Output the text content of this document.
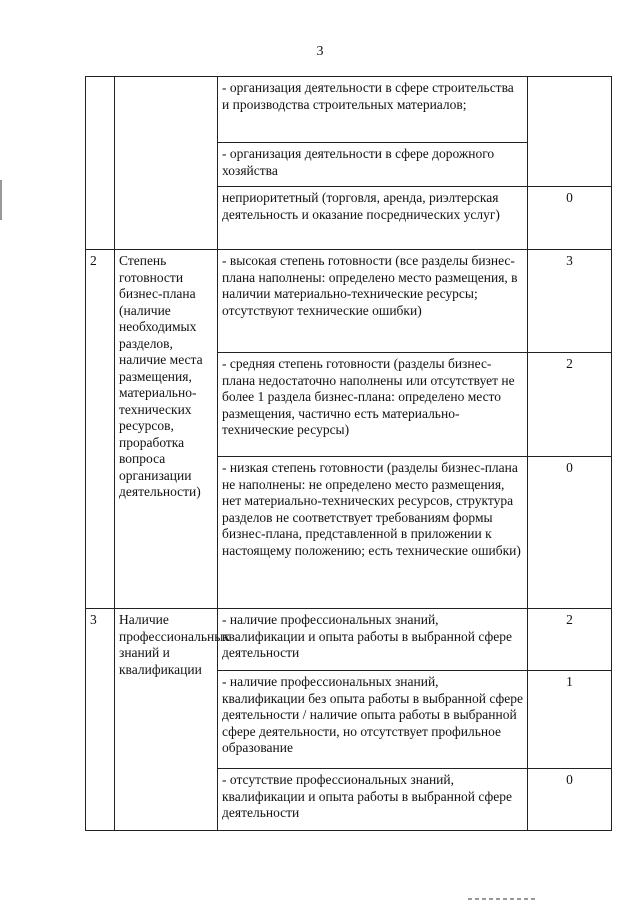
3
		- организация деятельности в сфере строительства и производства строительных материалов;	
		- организация деятельности в сфере дорожного хозяйства	
		неприоритетный (торговля, аренда, риэлтерская деятельность и оказание посреднических услуг)	0
2	Степень готовности бизнес-плана (наличие необходимых разделов, наличие места размещения, материально-технических ресурсов, проработка вопроса организации деятельности)	- высокая степень готовности (все разделы бизнес-плана наполнены: определено место размещения, в наличии материально-технические ресурсы; отсутствуют технические ошибки)	3
		- средняя степень готовности (разделы бизнес-плана недостаточно наполнены или отсутствует не более 1 раздела бизнес-плана: определено место размещения, частично есть материально-технические ресурсы)	2
		- низкая степень готовности (разделы бизнес-плана не наполнены: не определено место размещения, нет материально-технических ресурсов, структура разделов не соответствует требованиям формы бизнес-плана, представленной в приложении к настоящему положению; есть технические ошибки)	0
3	Наличие профессиональных знаний и квалификации	- наличие профессиональных знаний, квалификации и опыта работы в выбранной сфере деятельности	2
		- наличие профессиональных знаний, квалификации без опыта работы в выбранной сфере деятельности / наличие опыта работы в выбранной сфере деятельности, но отсутствует профильное образование	1
		- отсутствие профессиональных знаний, квалификации и опыта работы в выбранной сфере деятельности	0
